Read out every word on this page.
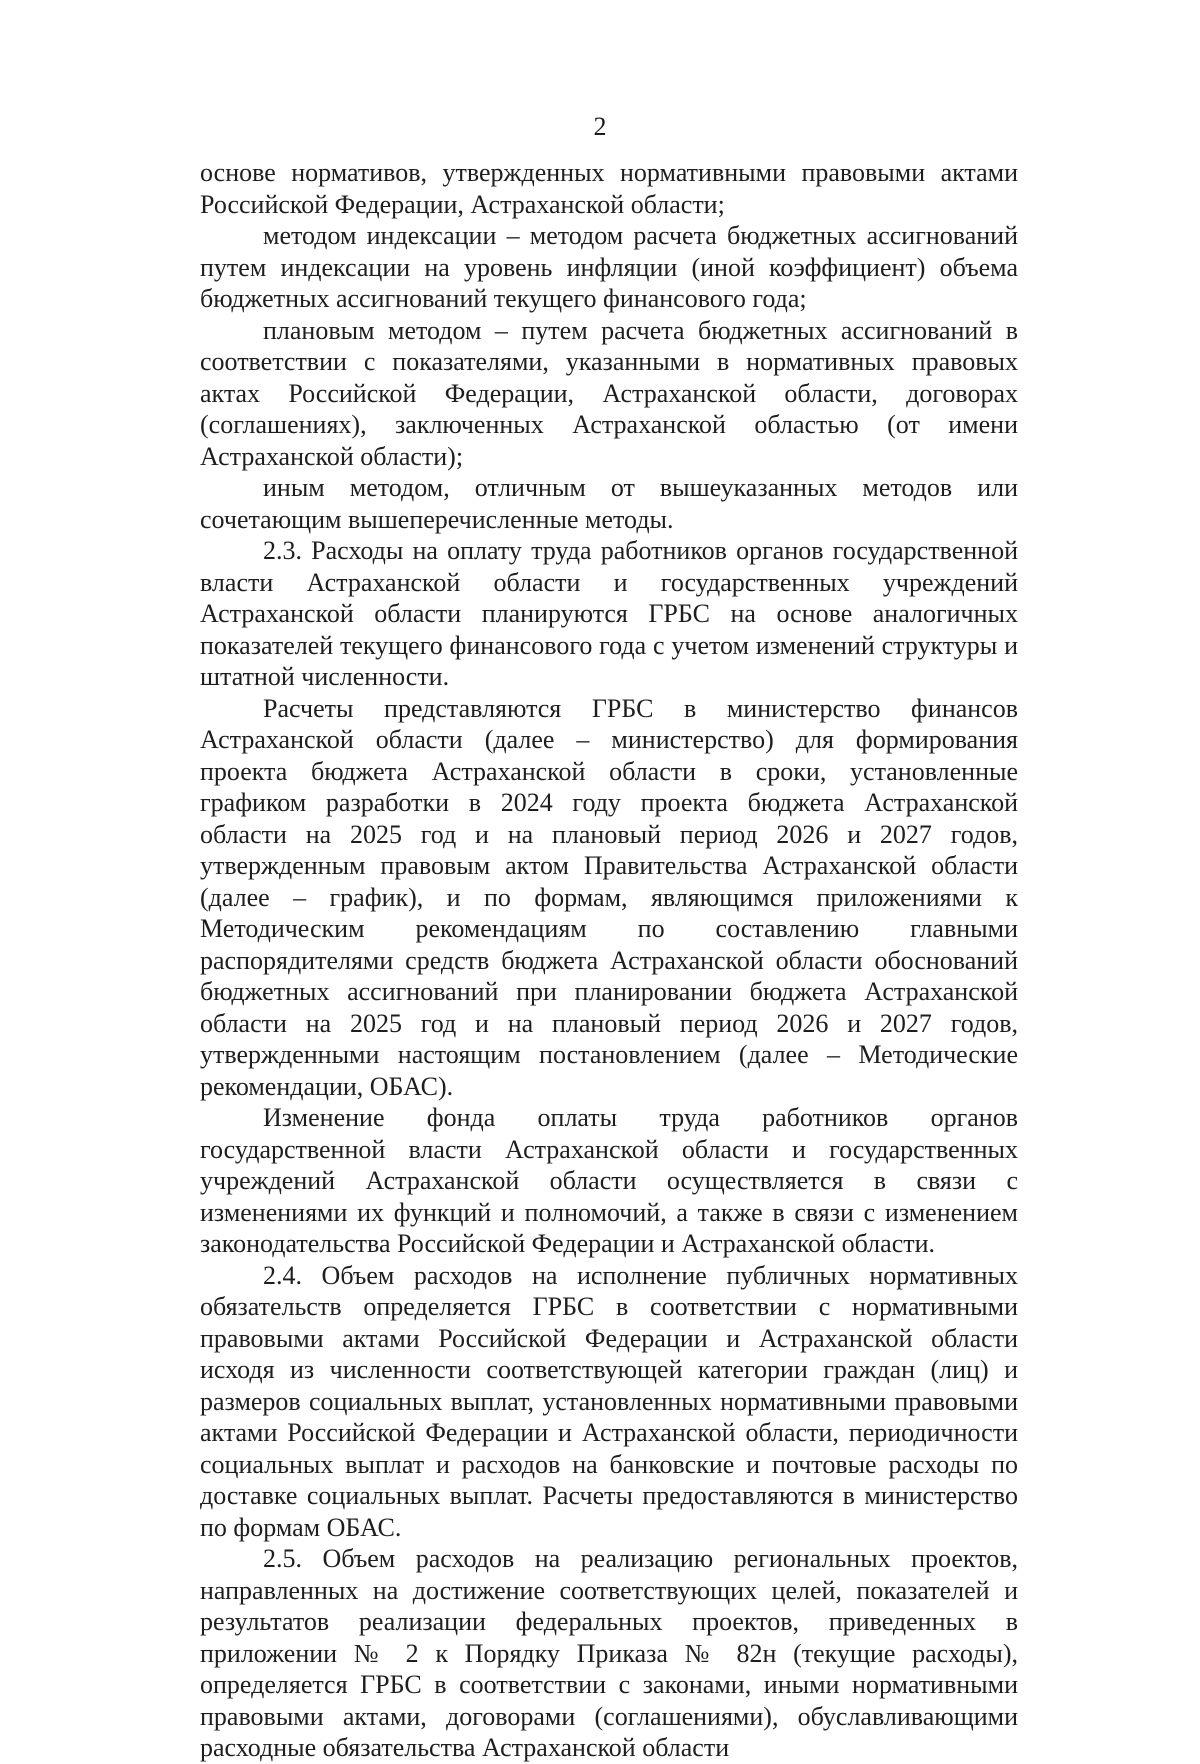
2

основе нормативов, утвержденных нормативными правовыми актами Российской Федерации, Астраханской области;

методом индексации – методом расчета бюджетных ассигнований путем индексации на уровень инфляции (иной коэффициент) объема бюджетных ассигнований текущего финансового года;

плановым методом – путем расчета бюджетных ассигнований в соответствии с показателями, указанными в нормативных правовых актах Российской Федерации, Астраханской области, договорах (соглашениях), заключенных Астраханской областью (от имени Астраханской области);

иным методом, отличным от вышеуказанных методов или сочетающим вышеперечисленные методы.

2.3. Расходы на оплату труда работников органов государственной власти Астраханской области и государственных учреждений Астраханской области планируются ГРБС на основе аналогичных показателей текущего финансового года с учетом изменений структуры и штатной численности.

Расчеты представляются ГРБС в министерство финансов Астраханской области (далее – министерство) для формирования проекта бюджета Астраханской области в сроки, установленные графиком разработки в 2024 году проекта бюджета Астраханской области на 2025 год и на плановый период 2026 и 2027 годов, утвержденным правовым актом Правительства Астраханской области (далее – график), и по формам, являющимся приложениями к Методическим рекомендациям по составлению главными распорядителями средств бюджета Астраханской области обоснований бюджетных ассигнований при планировании бюджета Астраханской области на 2025 год и на плановый период 2026 и 2027 годов, утвержденными настоящим постановлением (далее – Методические рекомендации, ОБАС).

Изменение фонда оплаты труда работников органов государственной власти Астраханской области и государственных учреждений Астраханской области осуществляется в связи с изменениями их функций и полномочий, а также в связи с изменением законодательства Российской Федерации и Астраханской области.

2.4. Объем расходов на исполнение публичных нормативных обязательств определяется ГРБС в соответствии с нормативными правовыми актами Российской Федерации и Астраханской области исходя из численности соответствующей категории граждан (лиц) и размеров социальных выплат, установленных нормативными правовыми актами Российской Федерации и Астраханской области, периодичности социальных выплат и расходов на банковские и почтовые расходы по доставке социальных выплат. Расчеты предоставляются в министерство по формам ОБАС.

2.5. Объем расходов на реализацию региональных проектов, направленных на достижение соответствующих целей, показателей и результатов реализации федеральных проектов, приведенных в приложении № 2 к Порядку Приказа № 82н (текущие расходы), определяется ГРБС в соответствии с законами, иными нормативными правовыми актами, договорами (соглашениями), обуславливающими расходные обязательства Астраханской области
